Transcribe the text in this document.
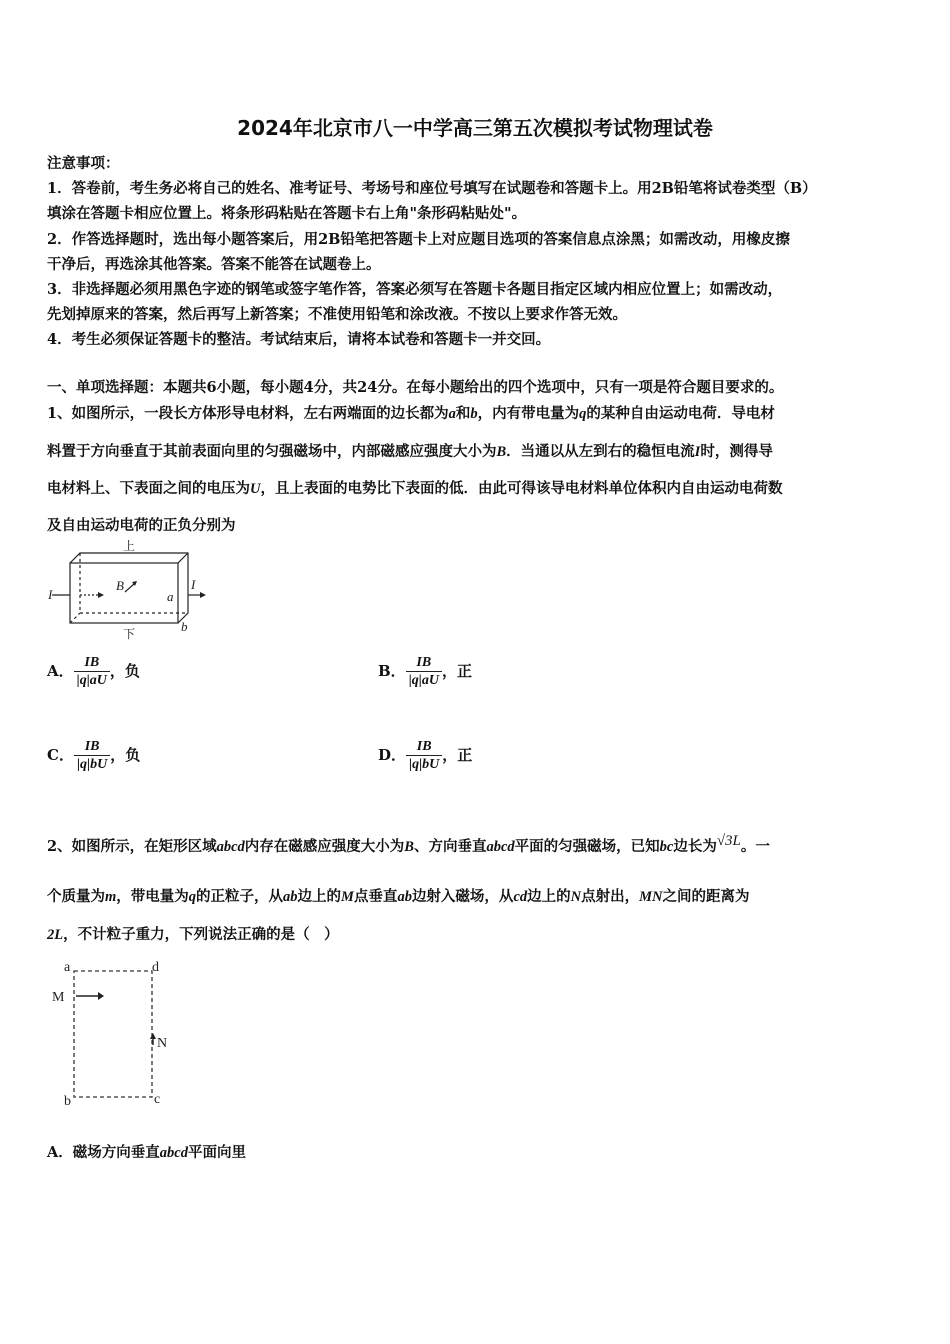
2024年北京市八一中学高三第五次模拟考试物理试卷
注意事项：
1．答卷前，考生务必将自己的姓名、准考证号、考场号和座位号填写在试题卷和答题卡上。用2B铅笔将试卷类型（B）
填涂在答题卡相应位置上。将条形码粘贴在答题卡右上角"条形码粘贴处"。
2．作答选择题时，选出每小题答案后，用2B铅笔把答题卡上对应题目选项的答案信息点涂黑；如需改动，用橡皮擦
干净后，再选涂其他答案。答案不能答在试题卷上。
3．非选择题必须用黑色字迹的钢笔或签字笔作答，答案必须写在答题卡各题目指定区域内相应位置上；如需改动，
先划掉原来的答案，然后再写上新答案；不准使用铅笔和涂改液。不按以上要求作答无效。
4．考生必须保证答题卡的整洁。考试结束后，请将本试卷和答题卡一并交回。
一、单项选择题：本题共6小题，每小题4分，共24分。在每小题给出的四个选项中，只有一项是符合题目要求的。
1、如图所示，一段长方体形导电材料，左右两端面的边长都为a和b，内有带电量为q的某种自由运动电荷．导电材
料置于方向垂直于其前表面向里的匀强磁场中，内部磁感应强度大小为B．当通以从左到右的稳恒电流I时，测得导
电材料上、下表面之间的电压为U，且上表面的电势比下表面的低．由此可得该导电材料单位体积内自由运动电荷数
及自由运动电荷的正负分别为
I
I
B
a
b
上
下
A． $\frac{IB}{|q|aU}$ ，负	B． $\frac{IB}{|q|aU}$ ，正
C． $\frac{IB}{|q|bU}$ ，负	D． $\frac{IB}{|q|bU}$ ，正
2、如图所示，在矩形区域abcd内存在磁感应强度大小为B、方向垂直abcd平面的匀强磁场，已知bc边长为√3L。一
个质量为m，带电量为q的正粒子，从ab边上的M点垂直ab边射入磁场，从cd边上的N点射出，MN之间的距离为
2L，不计粒子重力，下列说法正确的是（　）
a	d
b	c
M
N
A．磁场方向垂直abcd平面向里
